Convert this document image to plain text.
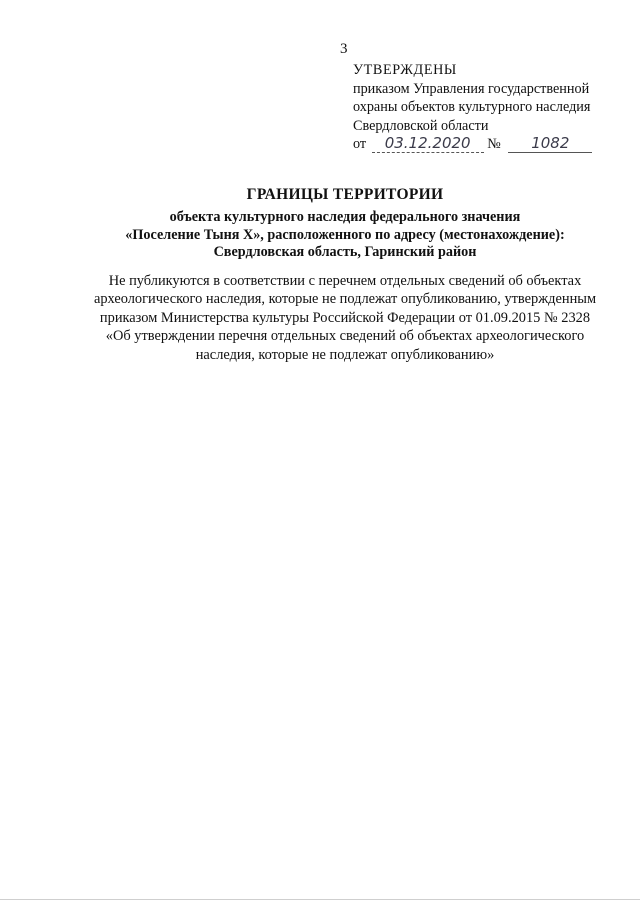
3
УТВЕРЖДЕНЫ
приказом Управления государственной
охраны объектов культурного наследия
Свердловской области
от 03.12.2020 № 1082
ГРАНИЦЫ ТЕРРИТОРИИ
объекта культурного наследия федерального значения
«Поселение Тыня X», расположенного по адресу (местонахождение):
Свердловская область, Гаринский район
Не публикуются в соответствии с перечнем отдельных сведений об объектах
археологического наследия, которые не подлежат опубликованию, утвержденным
приказом Министерства культуры Российской Федерации от 01.09.2015 № 2328
«Об утверждении перечня отдельных сведений об объектах археологического
наследия, которые не подлежат опубликованию»
